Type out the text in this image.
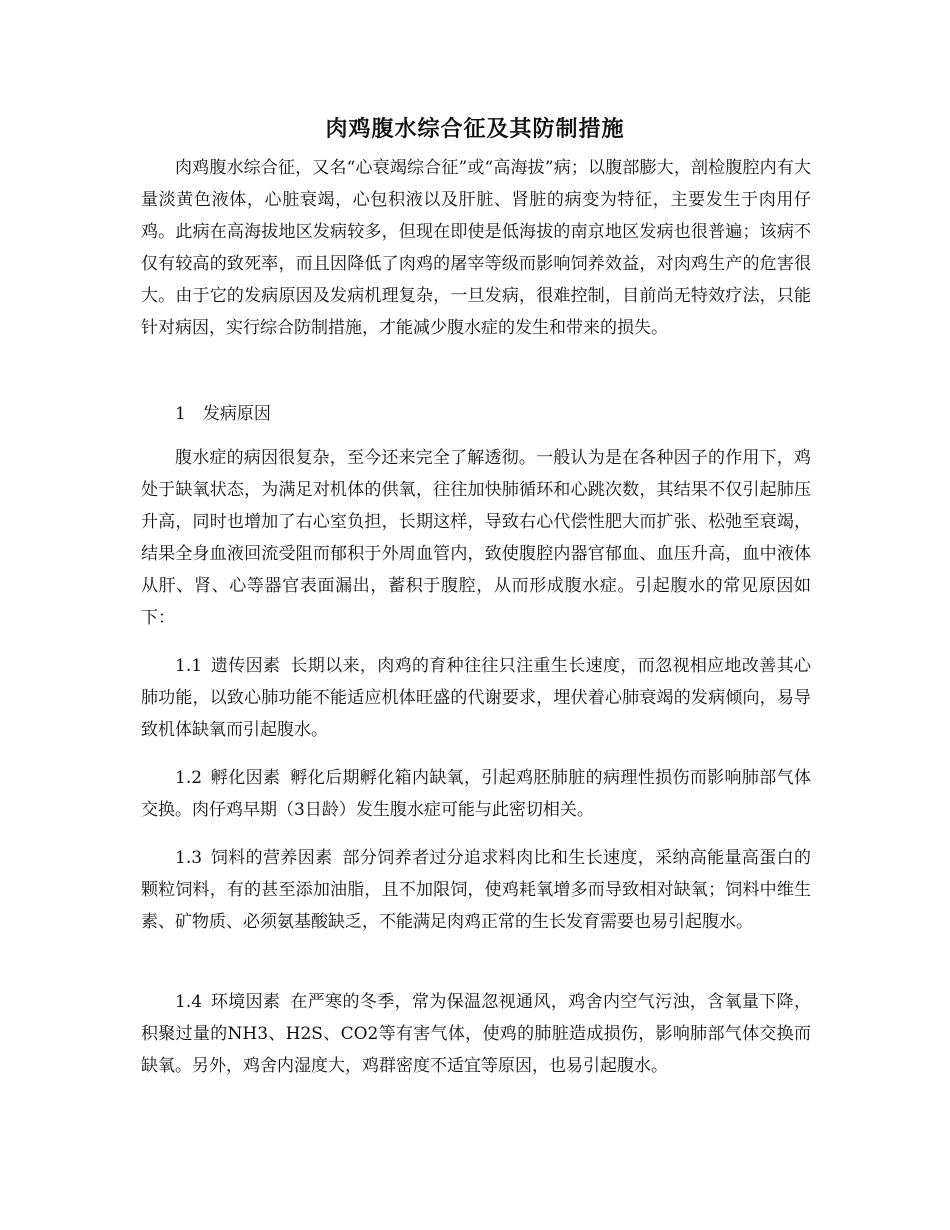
肉鸡腹水综合征及其防制措施

肉鸡腹水综合征，又名“心衰竭综合征”或“高海拔”病；以腹部膨大，剖检腹腔内有大量淡黄色液体，心脏衰竭，心包积液以及肝脏、肾脏的病变为特征，主要发生于肉用仔鸡。此病在高海拔地区发病较多，但现在即使是低海拔的南京地区发病也很普遍；该病不仅有较高的致死率，而且因降低了肉鸡的屠宰等级而影响饲养效益，对肉鸡生产的危害很大。由于它的发病原因及发病机理复杂，一旦发病，很难控制，目前尚无特效疗法，只能针对病因，实行综合防制措施，才能减少腹水症的发生和带来的损失。

1  发病原因

腹水症的病因很复杂，至今还来完全了解透彻。一般认为是在各种因子的作用下，鸡处于缺氧状态，为满足对机体的供氧，往往加快肺循环和心跳次数，其结果不仅引起肺压升高，同时也增加了右心室负担，长期这样，导致右心代偿性肥大而扩张、松弛至衰竭，结果全身血液回流受阻而郁积于外周血管内，致使腹腔内器官郁血、血压升高，血中液体从肝、肾、心等器官表面漏出，蓄积于腹腔，从而形成腹水症。引起腹水的常见原因如下：

1.1  遗传因素 长期以来，肉鸡的育种往往只注重生长速度，而忽视相应地改善其心肺功能，以致心肺功能不能适应机体旺盛的代谢要求，埋伏着心肺衰竭的发病倾向，易导致机体缺氧而引起腹水。

1.2  孵化因素 孵化后期孵化箱内缺氧，引起鸡胚肺脏的病理性损伤而影响肺部气体交换。肉仔鸡早期（3日龄）发生腹水症可能与此密切相关。

1.3  饲料的营养因素 部分饲养者过分追求料肉比和生长速度，采纳高能量高蛋白的颗粒饲料，有的甚至添加油脂，且不加限饲，使鸡耗氧增多而导致相对缺氧；饲料中维生素、矿物质、必须氨基酸缺乏，不能满足肉鸡正常的生长发育需要也易引起腹水。

1.4  环境因素 在严寒的冬季，常为保温忽视通风，鸡舍内空气污浊，含氧量下降，积聚过量的NH3、H2S、CO2等有害气体，使鸡的肺脏造成损伤，影响肺部气体交换而缺氧。另外，鸡舍内湿度大，鸡群密度不适宜等原因，也易引起腹水。
